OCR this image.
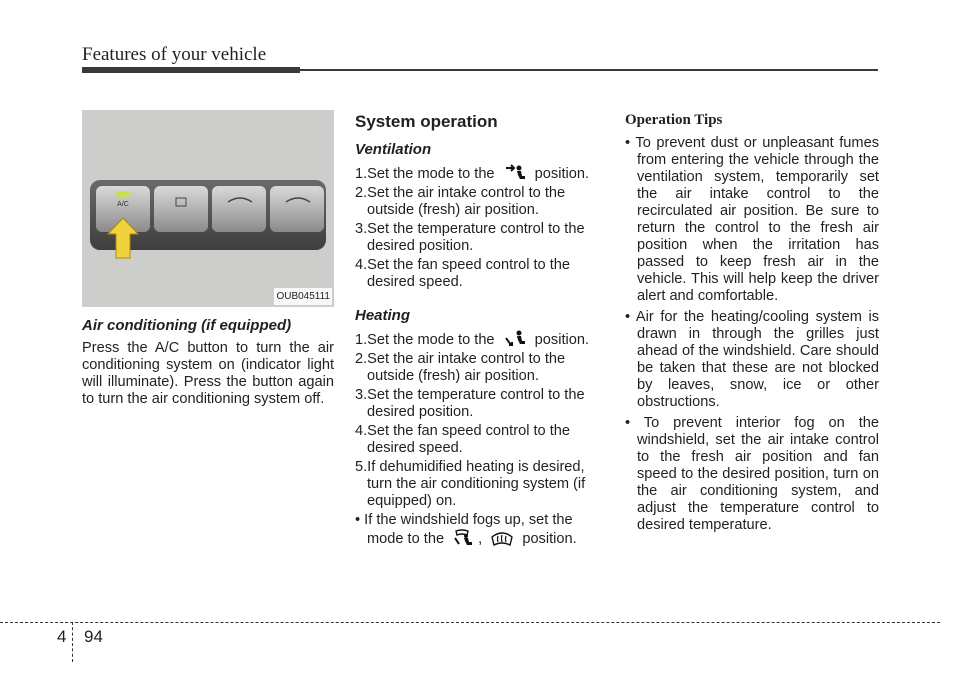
Features of your vehicle
A/C
OUB045111
Air conditioning (if equipped)

Press the A/C button to turn the air conditioning system on (indicator light will illuminate). Press the button again to turn the air conditioning system off.

System operation
Ventilation

1.Set the mode to the	position.

2.Set the air intake control to the outside (fresh) air position.

3.Set the temperature control to the desired position.

4.Set the fan speed control to the desired speed.

Heating

1.Set the mode to the	position.

2.Set the air intake control to the outside (fresh) air position.

3.Set the temperature control to the desired position.

4.Set the fan speed control to the desired speed.

5.If dehumidified heating is desired, turn the air conditioning system (if equipped) on.

• If the windshield fogs up, set the mode to the ,	position.

Operation Tips

• To prevent dust or unpleasant fumes from entering the vehicle through the ventilation system, temporarily set the air intake control to the recirculated air position. Be sure to return the control to the fresh air position when the irritation has passed to keep fresh air in the vehicle. This will help keep the driver alert and comfortable.

• Air for the heating/cooling system is drawn in through the grilles just ahead of the windshield. Care should be taken that these are not blocked by leaves, snow, ice or other obstructions.

• To prevent interior fog on the windshield, set the air intake control to the fresh air position and fan speed to the desired position, turn on the air conditioning system, and adjust the temperature control to desired temperature.

4 94
